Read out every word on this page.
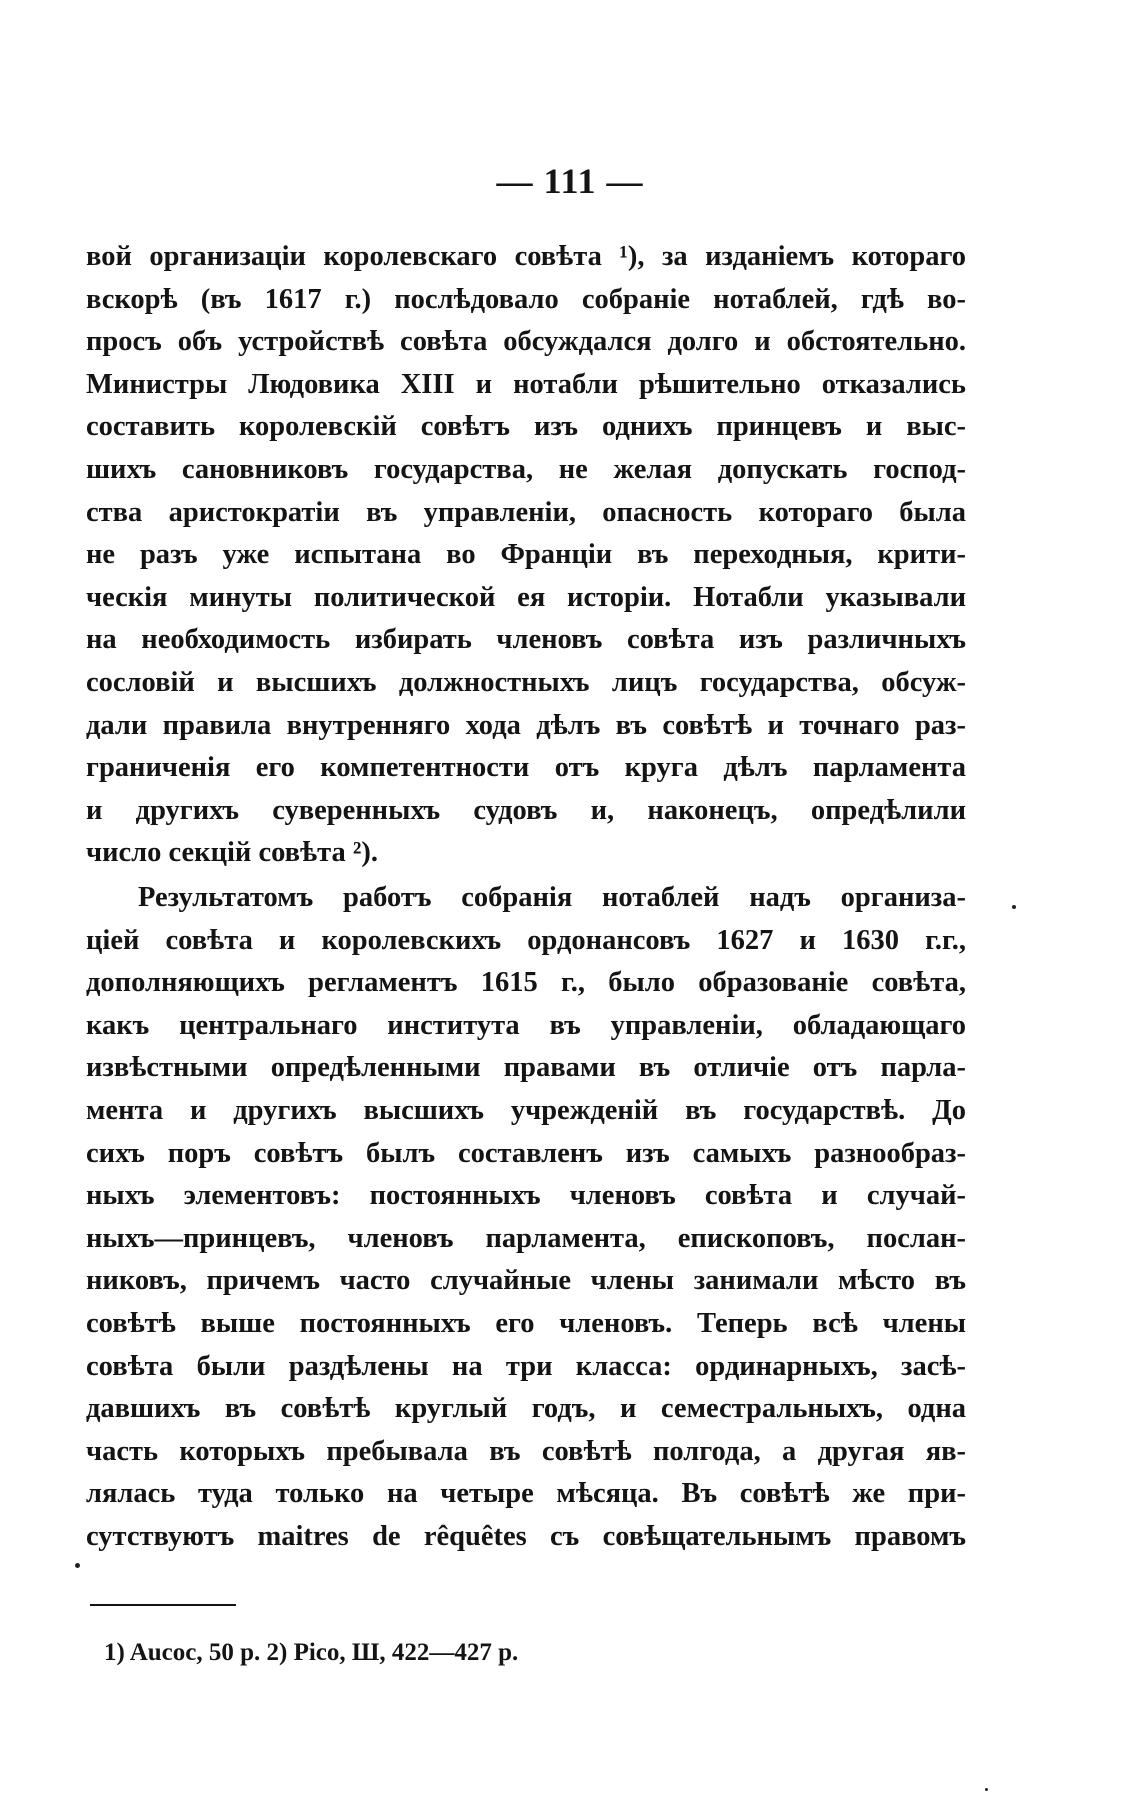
— 111 —
вой организаціи королевскаго совѣта ¹), за изданіемъ котораго
вскорѣ (въ 1617 г.) послѣдовало собраніе нотаблей, гдѣ во-
просъ объ устройствѣ совѣта обсуждался долго и обстоятельно.
Министры Людовика XIII и нотабли рѣшительно отказались
составить королевскій совѣтъ изъ однихъ принцевъ и выс-
шихъ сановниковъ государства, не желая допускать господ-
ства аристократіи въ управленіи, опасность котораго была
не разъ уже испытана во Франціи въ переходныя, крити-
ческія минуты политической ея исторіи. Нотабли указывали
на необходимость избирать членовъ совѣта изъ различныхъ
сословій и высшихъ должностныхъ лицъ государства, обсуж-
дали правила внутренняго хода дѣлъ въ совѣтѣ и точнаго раз-
граниченія его компетентности отъ круга дѣлъ парламента
и другихъ суверенныхъ судовъ и, наконецъ, опредѣлили
число секцій совѣта ²).
Результатомъ работъ собранія нотаблей надъ организа-
ціей совѣта и королевскихъ ордонансовъ 1627 и 1630 г.г.,
дополняющихъ регламентъ 1615 г., было образованіе совѣта,
какъ центральнаго института въ управленіи, обладающаго
извѣстными опредѣленными правами въ отличіе отъ парла-
мента и другихъ высшихъ учрежденій въ государствѣ. До
сихъ поръ совѣтъ былъ составленъ изъ самыхъ разнообраз-
ныхъ элементовъ: постоянныхъ членовъ совѣта и случай-
ныхъ—принцевъ, членовъ парламента, епископовъ, послан-
никовъ, причемъ часто случайные члены занимали мѣсто въ
совѣтѣ выше постоянныхъ его членовъ. Теперь всѣ члены
совѣта были раздѣлены на три класса: ординарныхъ, засѣ-
давшихъ въ совѣтѣ круглый годъ, и семестральныхъ, одна
часть которыхъ пребывала въ совѣтѣ полгода, а другая яв-
лялась туда только на четыре мѣсяца. Въ совѣтѣ же при-
сутствуютъ maitres de rêquêtes съ совѣщательнымъ правомъ
1) Aucoc, 50 p. 2) Pico, Ш, 422—427 p.
